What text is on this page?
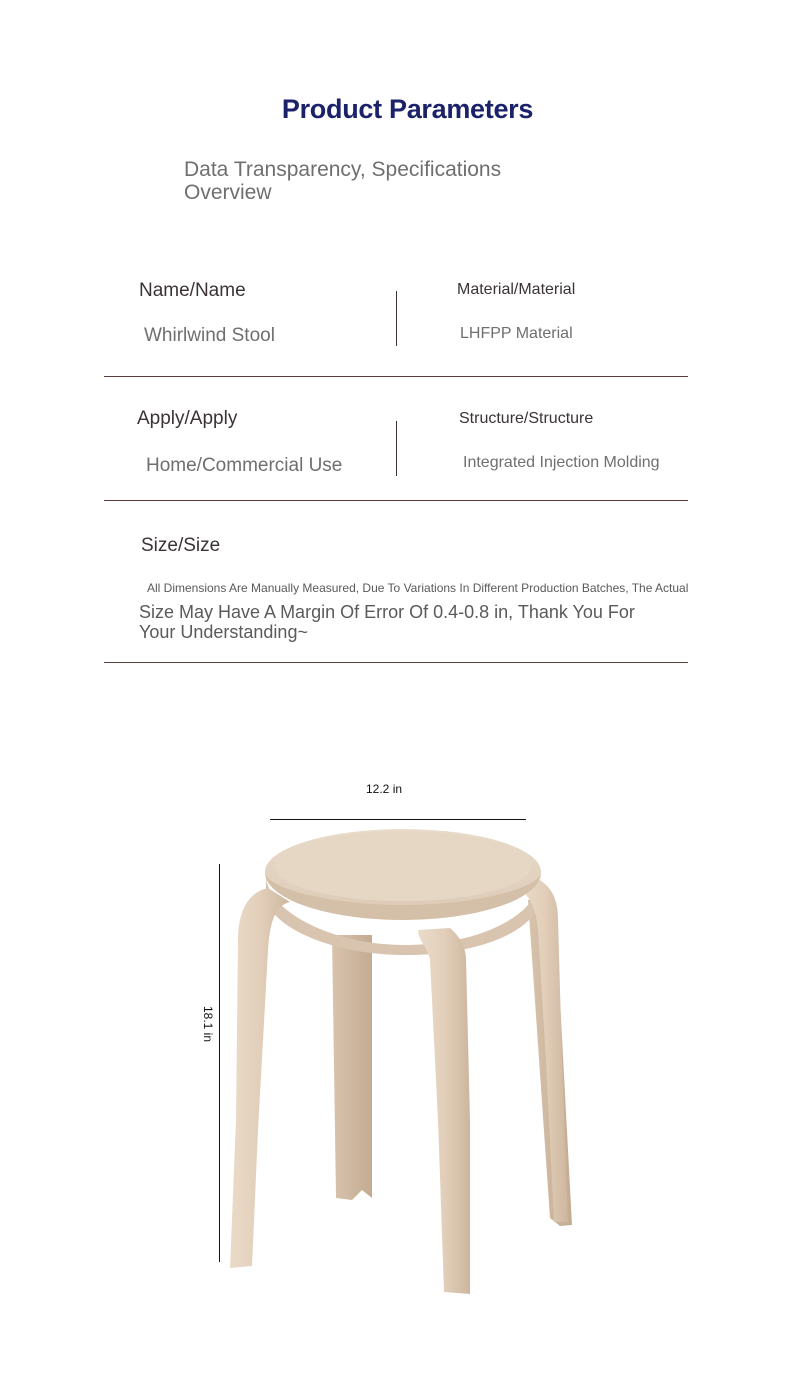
Product Parameters
Data Transparency, Specifications Overview
Name/Name
Whirlwind Stool
Material/Material
LHFPP Material
Apply/Apply
Home/Commercial Use
Structure/Structure
Integrated Injection Molding
Size/Size
All Dimensions Are Manually Measured, Due To Variations In Different Production Batches, The Actual
Size May Have A Margin Of Error Of 0.4-0.8 in, Thank You For Your Understanding~
12.2 in
18.1 in
